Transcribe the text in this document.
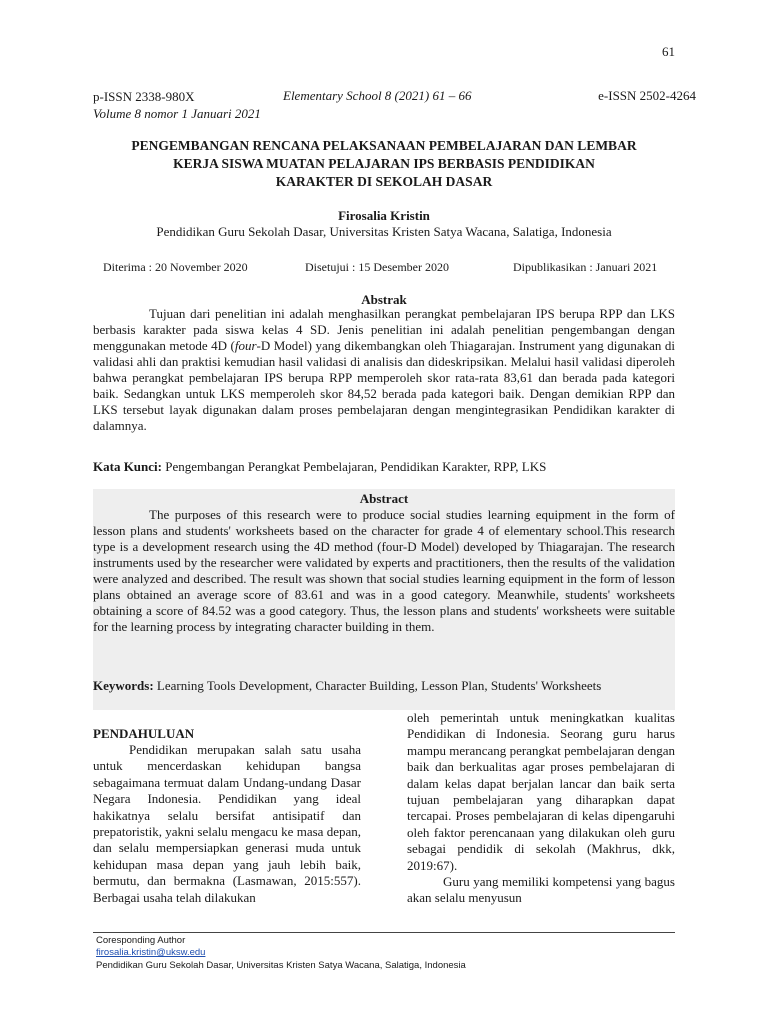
61
p-ISSN 2338-980X
Volume 8 nomor 1 Januari 2021
Elementary School 8 (2021) 61 – 66	e-ISSN 2502-4264
PENGEMBANGAN RENCANA PELAKSANAAN PEMBELAJARAN DAN LEMBAR
KERJA SISWA MUATAN PELAJARAN IPS BERBASIS PENDIDIKAN
KARAKTER DI SEKOLAH DASAR
Firosalia Kristin
Pendidikan Guru Sekolah Dasar, Universitas Kristen Satya Wacana, Salatiga, Indonesia
Diterima : 20 November 2020	Disetujui : 15 Desember 2020	Dipublikasikan : Januari 2021
Abstrak

Tujuan dari penelitian ini adalah menghasilkan perangkat pembelajaran IPS berupa RPP dan LKS berbasis karakter pada siswa kelas 4 SD. Jenis penelitian ini adalah penelitian pengembangan dengan menggunakan metode 4D (four-D Model) yang dikembangkan oleh Thiagarajan. Instrument yang digunakan di validasi ahli dan praktisi kemudian hasil validasi di analisis dan dideskripsikan. Melalui hasil validasi diperoleh bahwa perangkat pembelajaran IPS berupa RPP memperoleh skor rata-rata 83,61 dan berada pada kategori baik. Sedangkan untuk LKS memperoleh skor 84,52 berada pada kategori baik. Dengan demikian RPP dan LKS tersebut layak digunakan dalam proses pembelajaran dengan mengintegrasikan Pendidikan karakter di dalamnya.

Kata Kunci: Pengembangan Perangkat Pembelajaran, Pendidikan Karakter, RPP, LKS

Abstract

The purposes of this research were to produce social studies learning equipment in the form of lesson plans and students' worksheets based on the character for grade 4 of elementary school.This research type is a development research using the 4D method (four-D Model) developed by Thiagarajan. The research instruments used by the researcher were validated by experts and practitioners, then the results of the validation were analyzed and described. The result was shown that social studies learning equipment in the form of lesson plans obtained an average score of 83.61 and was in a good category. Meanwhile, students' worksheets obtaining a score of 84.52 was a good category. Thus, the lesson plans and students' worksheets were suitable for the learning process by integrating character building in them.

Keywords: Learning Tools Development, Character Building, Lesson Plan, Students' Worksheets

PENDAHULUAN

Pendidikan merupakan salah satu usaha untuk mencerdaskan kehidupan bangsa sebagaimana termuat dalam Undang-undang Dasar Negara Indonesia. Pendidikan yang ideal hakikatnya selalu bersifat antisipatif dan prepatoristik, yakni selalu mengacu ke masa depan, dan selalu mempersiapkan generasi muda untuk kehidupan masa depan yang jauh lebih baik, bermutu, dan bermakna (Lasmawan, 2015:557). Berbagai usaha telah dilakukan

oleh pemerintah untuk meningkatkan kualitas Pendidikan di Indonesia. Seorang guru harus mampu merancang perangkat pembelajaran dengan baik dan berkualitas agar proses pembelajaran di dalam kelas dapat berjalan lancar dan baik serta tujuan pembelajaran yang diharapkan dapat tercapai. Proses pembelajaran di kelas dipengaruhi oleh faktor perencanaan yang dilakukan oleh guru sebagai pendidik di sekolah (Makhrus, dkk, 2019:67).
Guru yang memiliki kompetensi yang bagus akan selalu menyusun

Coresponding Author
firosalia.kristin@uksw.edu
Pendidikan Guru Sekolah Dasar, Universitas Kristen Satya Wacana, Salatiga, Indonesia
